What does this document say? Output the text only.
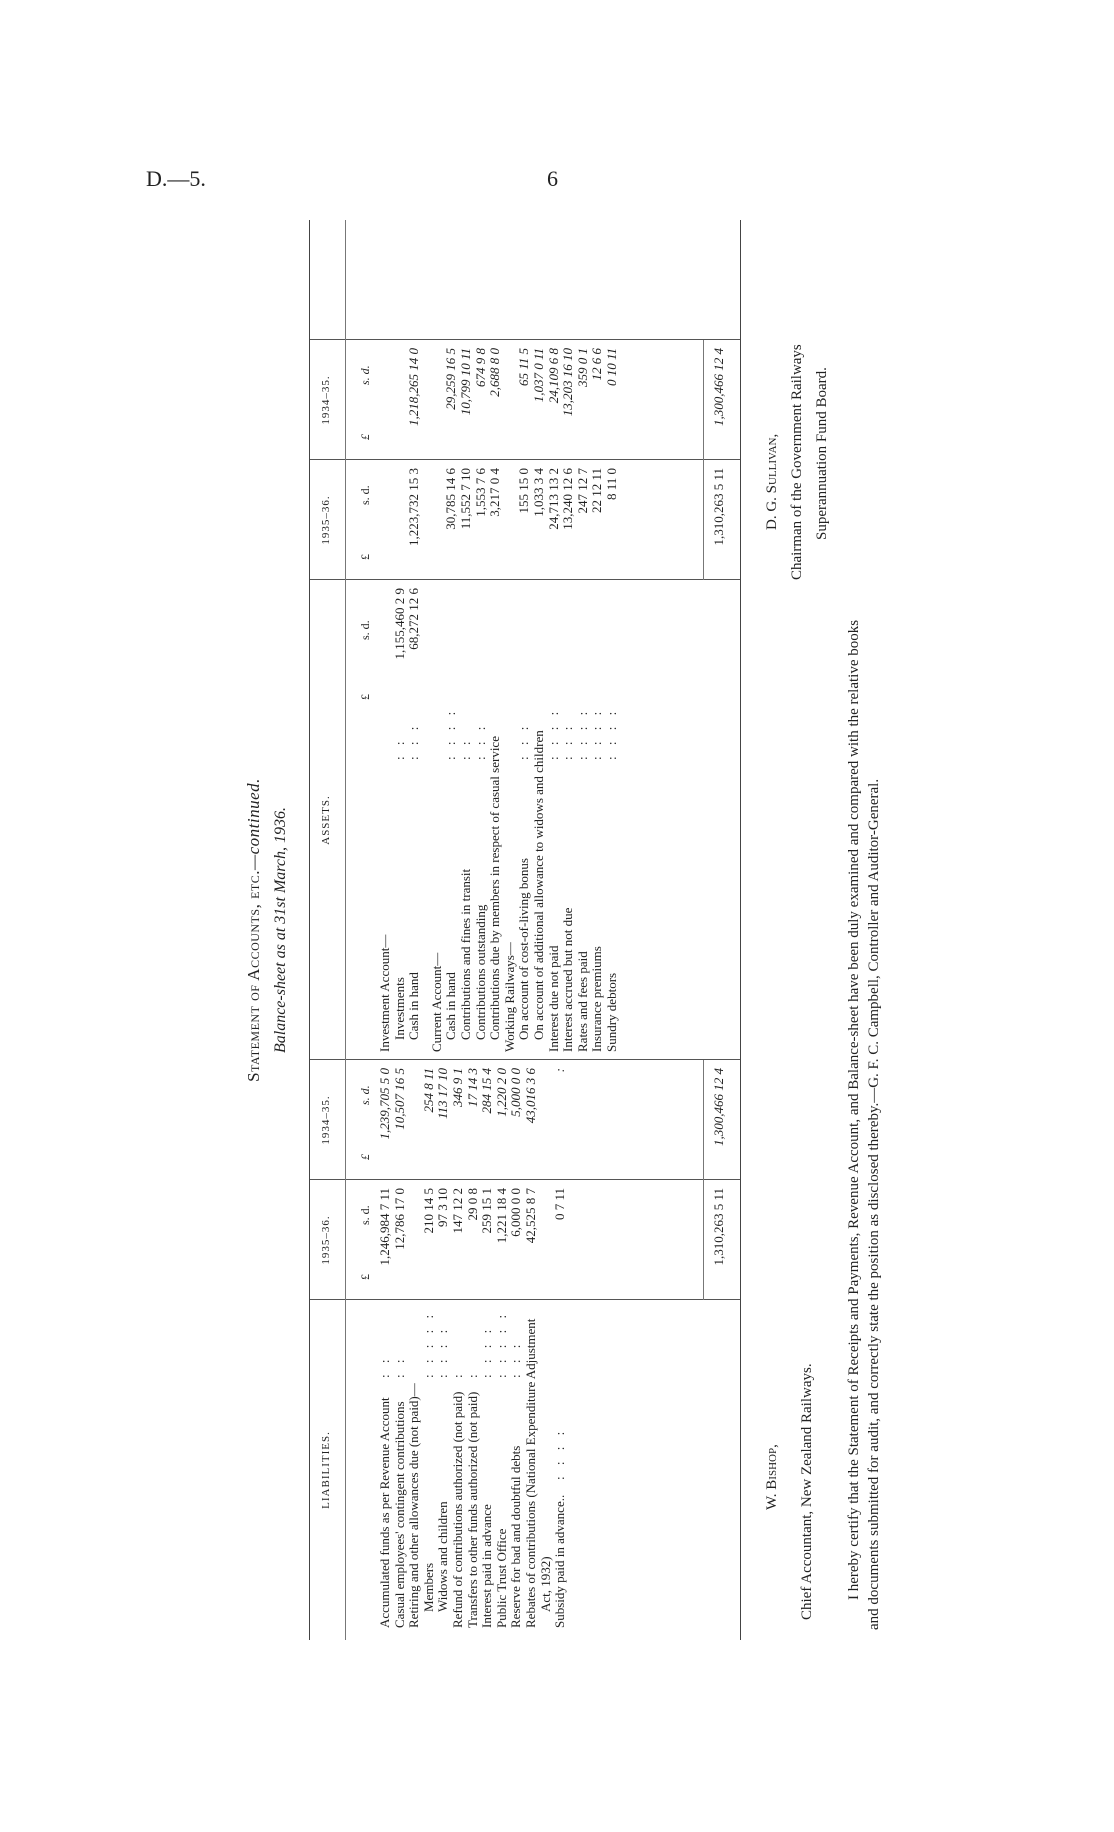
D.—5.	6
Statement of Accounts, etc.—continued. Balance-sheet as at 31st March, 1936.
LIABILITIES.
1935–36.
1934–35.
ASSETS.
1935–36.
1934–35.
£
s. d.
£
s. d.
£
s. d.
£
s. d.
£
s. d.
Accumulated funds as per Revenue Account
: :
1,246,984 7 11
1,239,705 5 0
Casual employees' contingent contributions
: :
12,786 17 0
10,507 16 5
Retiring and other allowances due (not paid)— Members
: : : : :
210 14 5
254 8 11
Widows and children
: : : :
97 3 10
113 17 10
Refund of contributions authorized (not paid)
:
147 12 2
346 9 1
Transfers to other funds authorized (not paid)
:
29 0 8
17 14 3
Interest paid in advance
: : : :
259 15 1
284 15 4
Public Trust Office
: : : : :
1,221 18 4
1,220 2 0
Reserve for bad and doubtful debts
: : :
6,000 0 0
5,000 0 0
Rebates of contributions (National Expenditure Adjustment
42,525 8 7
43,016 3 6
Act, 1932) Subsidy paid in advance..
: : : :
0 7 11
:
Investment Account— Investments
: :
1,155,460 2 9
Cash in hand
: : :
68,272 12 6
1,223,732 15 3
1,218,265 14 0
Current Account— Cash in hand
: : : :
30,785 14 6
29,259 16 5
Contributions and fines in transit
: :
11,552 7 10
10,799 10 11
Contributions outstanding
: : :
1,553 7 6
674 9 8
Contributions due by members in respect of casual service
3,217 0 4
2,688 8 0
Working Railways— On account of cost-of-living bonus
: : :
155 15 0
65 11 5
On account of additional allowance to widows and children
1,033 3 4
1,037 0 11
Interest due not paid
: : : :
24,713 13 2
24,109 6 8
Interest accrued but not due
: : :
13,240 12 6
13,203 16 10
Rates and fees paid
: : : :
247 12 7
359 0 1
Insurance premiums
: : : :
22 12 11
12 6 6
Sundry debtors
: : : :
8 11 0
0 10 11
1,310,263 5 11
1,300,466 12 4
1,310,263 5 11
1,300,466 12 4
W. Bishop, Chief Accountant, New Zealand Railways.
D. G. Sullivan, Chairman of the Government Railways Superannuation Fund Board.
I hereby certify that the Statement of Receipts and Payments, Revenue Account, and Balance-sheet have been duly examined and compared with the relative books and documents submitted for audit, and correctly state the position as disclosed thereby.—G. F. C. Campbell, Controller and Auditor-General.
